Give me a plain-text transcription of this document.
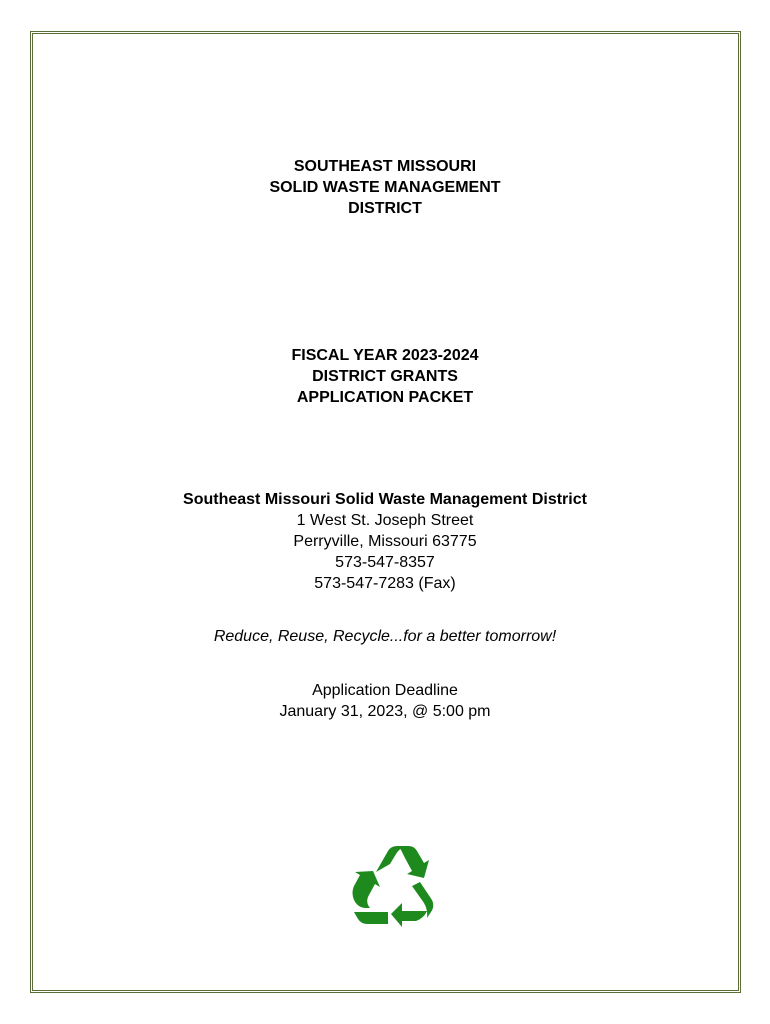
SOUTHEAST MISSOURI
SOLID WASTE MANAGEMENT
DISTRICT
FISCAL YEAR 2023-2024
DISTRICT GRANTS
APPLICATION PACKET
Southeast Missouri Solid Waste Management District
1 West St. Joseph Street
Perryville, Missouri 63775
573-547-8357
573-547-7283 (Fax)
Reduce, Reuse, Recycle...for a better tomorrow!
Application Deadline
January 31, 2023, @ 5:00 pm
